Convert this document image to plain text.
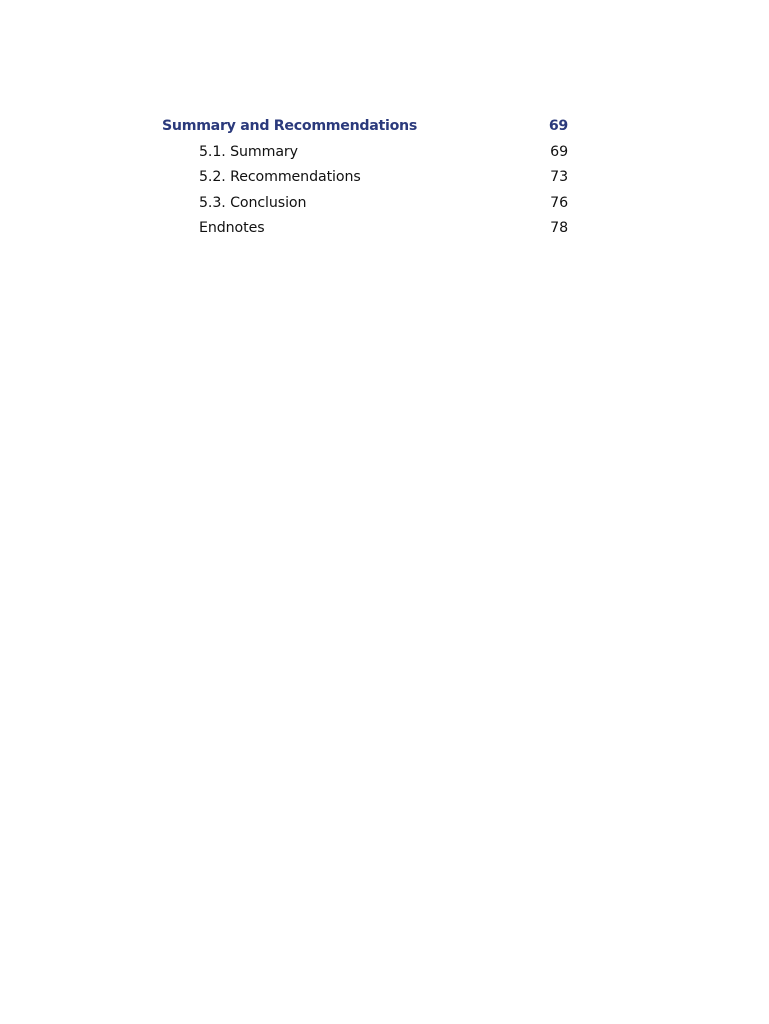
Summary and Recommendations	69
5.1. Summary	69
5.2. Recommendations	73
5.3. Conclusion	76
Endnotes	78
